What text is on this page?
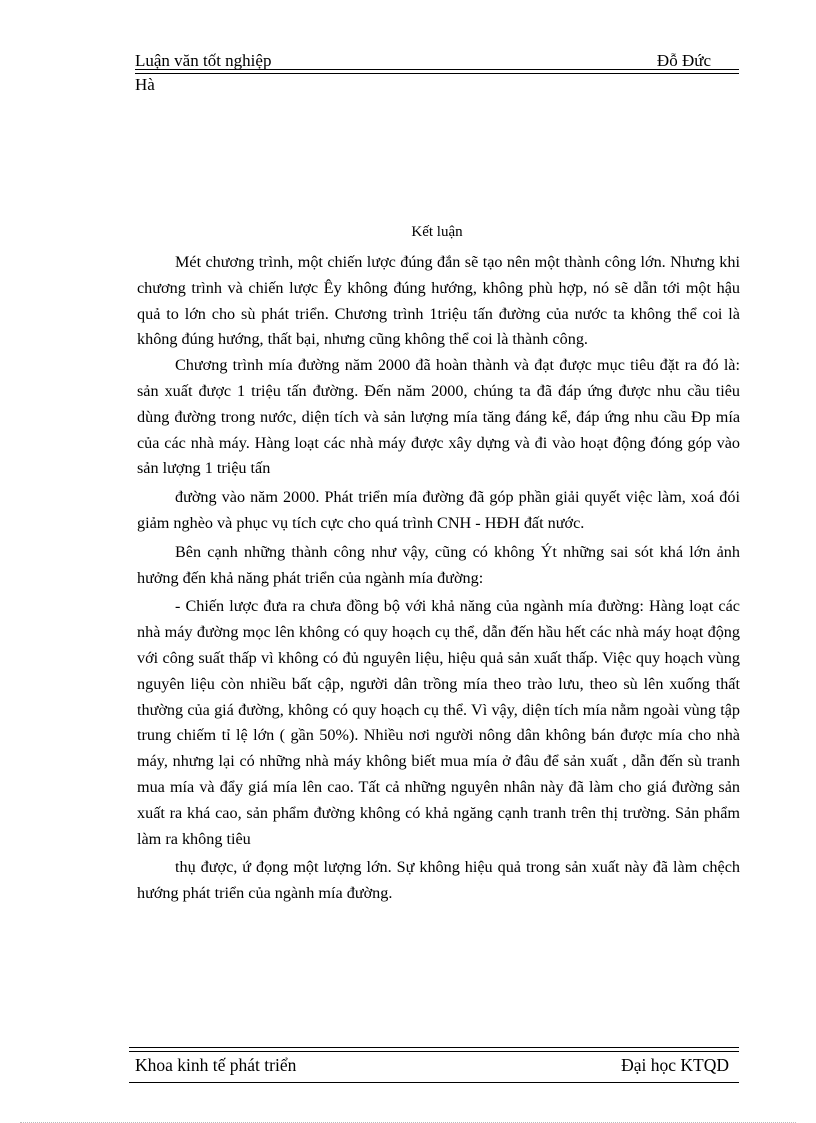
Luận văn tốt nghiệp	Đỗ Đức
Hà
Kết luận

Mét chương trình, một chiến lược đúng đắn sẽ tạo nên một thành công lớn. Nhưng khi chương trình và chiến lược Êy không đúng hướng, không phù hợp, nó sẽ dẫn tới một hậu quả to lớn cho sù phát triển. Chương trình 1triệu tấn đường của nước ta không thể coi là không đúng hướng, thất bại, nhưng cũng không thể coi là thành công.

Chương trình mía đường năm 2000 đã hoàn thành và đạt được mục tiêu đặt ra đó là: sản xuất được 1 triệu tấn đường. Đến năm 2000, chúng ta đã đáp ứng được nhu cầu tiêu dùng đường trong nước, diện tích và sản lượng mía tăng đáng kể, đáp ứng nhu cầu Đp mía của các nhà máy. Hàng loạt các nhà máy được xây dựng và đi vào hoạt động đóng góp vào sản lượng 1 triệu tấn

đường vào năm 2000. Phát triển mía đường đã góp phần giải quyết việc làm, xoá đói giảm nghèo và phục vụ tích cực cho quá trình CNH - HĐH đất nước.

Bên cạnh những thành công như vậy, cũng có không Ýt những sai sót khá lớn ảnh hưởng đến khả năng phát triển của ngành mía đường:

- Chiến lược đưa ra chưa đồng bộ với khả năng của ngành mía đường: Hàng loạt các nhà máy đường mọc lên không có quy hoạch cụ thể, dẫn đến hầu hết các nhà máy hoạt động với công suất thấp vì không có đủ nguyên liệu, hiệu quả sản xuất thấp. Việc quy hoạch vùng nguyên liệu còn nhiều bất cập, người dân trồng mía theo trào lưu, theo sù lên xuống thất thường của giá đường, không có quy hoạch cụ thể. Vì vậy, diện tích mía nằm ngoài vùng tập trung chiếm tỉ lệ lớn ( gần 50%). Nhiều nơi người nông dân không bán được mía cho nhà máy, nhưng lại có những nhà máy không biết mua mía ở đâu để sản xuất , dẫn đến sù tranh mua mía và đẩy giá mía lên cao. Tất cả những nguyên nhân này đã làm cho giá đường sản xuất ra khá cao, sản phẩm đường không có khả ngăng cạnh tranh trên thị trường. Sản phẩm làm ra không tiêu

thụ được, ứ đọng một lượng lớn. Sự không hiệu quả trong sản xuất này đã làm chệch hướng phát triển của ngành mía đường.

Khoa kinh tế phát triển	Đại học KTQD
